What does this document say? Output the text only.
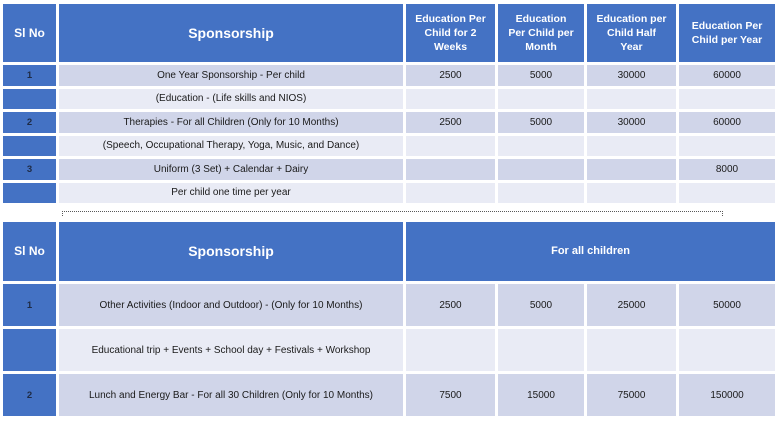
Sl No	Sponsorship	Education Per Child for 2 Weeks	Education Per Child per Month	Education per Child Half Year	Education Per Child per Year
1	One Year Sponsorship - Per child	2500	5000	30000	60000
	(Education - (Life skills and NIOS)				
2	Therapies - For all Children (Only for 10 Months)	2500	5000	30000	60000
	(Speech, Occupational Therapy, Yoga, Music, and Dance)				
3	Uniform (3 Set) + Calendar + Dairy				8000
	Per child one time per year				
Sl No	Sponsorship	For all children			
1	Other Activities (Indoor and Outdoor) - (Only for 10 Months)	2500	5000	25000	50000
	Educational trip + Events + School day + Festivals + Workshop				
2	Lunch and Energy Bar - For all 30 Children (Only for 10 Months)	7500	15000	75000	150000
